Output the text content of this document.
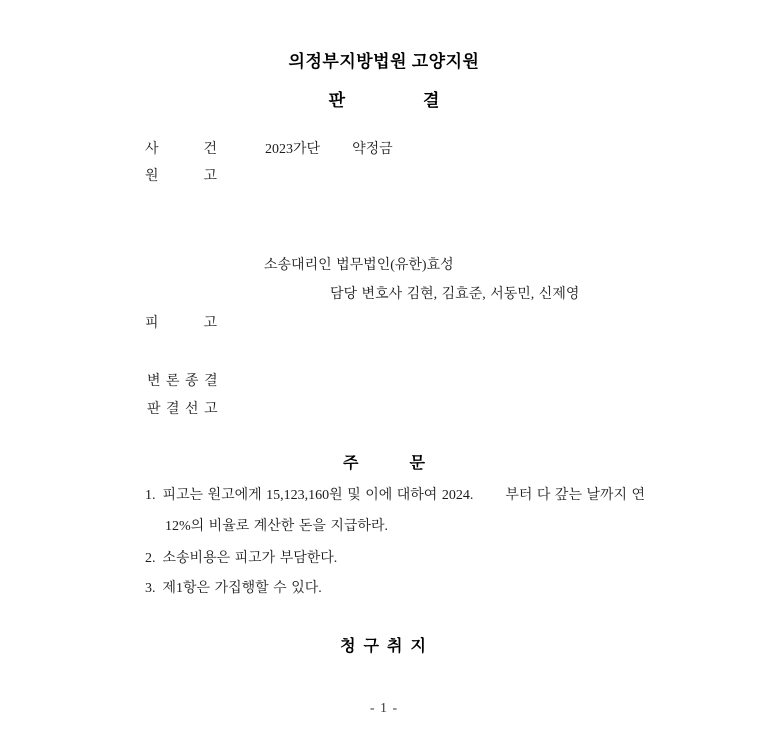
의정부지방법원 고양지원
판	결
사	건	2023가단 약정금
원	고
소송대리인 법무법인(유한)효성
담당 변호사 김현, 김효준, 서동민, 신제영
피	고
변 론 종 결
판 결 선 고
주	문
1. 피고는 원고에게 15,123,160원 및 이에 대하여 2024. 부터 다 갚는 날까지 연
12%의 비율로 계산한 돈을 지급하라.
2. 소송비용은 피고가 부담한다.
3. 제1항은 가집행할 수 있다.
청 구 취 지
- 1 -
